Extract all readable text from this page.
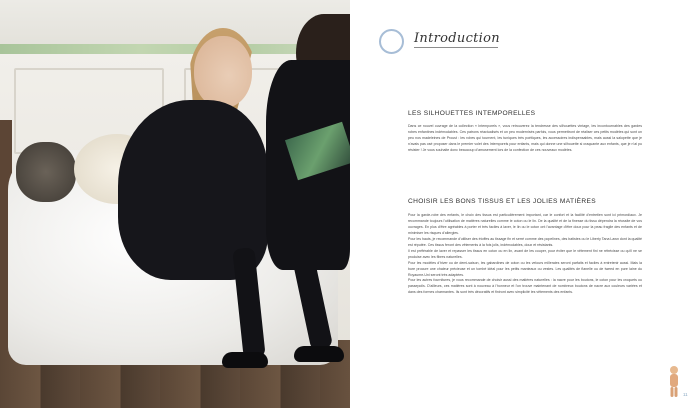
Introduction
LES SILHOUETTES INTEMPORELLES

Dans ce nouvel ouvrage de la collection « Intemporels », vous retrouverez la tendresse des silhouettes vintage, les incontournables des gardes robes enfantines indémodables. Ces patrons réactualisés et un peu modernisés parfois, vous permettront de réaliser ces petits modèles qui sont un peu nos madeleines de Proust : les robes qui tournent, les tuniques très poétiques, les accessoires indispensables, mais aussi la salopette que je n'avais pas osé proposer dans le premier volet des Intemporels pour enfants, mais qui donne une silhouette si craquante aux enfants, que je n'ai pu résister ! Je vous souhaite donc beaucoup d'amusement lors de la confection de ces nouveaux modèles.

CHOISIR LES BONS TISSUS ET LES JOLIES MATIÈRES

Pour la garde-robe des enfants, le choix des tissus est particulièrement important, car le confort et la facilité d'entretien sont ici primordiaux. Je recommande toujours l'utilisation de matières naturelles comme le coton ou le lin. De la qualité et de la finesse du tissu dépendra la réussite de vos ouvrages. En plus d'être agréables à porter et très faciles à laver, le lin ou le coton ont l'avantage d'être doux pour la peau fragile des enfants et de minimiser les risques d'allergies.

Pour les hauts, je recommande d'utiliser des étoffes au tissage fin et serré comme des popelines, des batistes ou le Liberty Tana Lawn dont la qualité est réputée. Ces tissus feront des vêtements à la fois jolis, indémodables, doux et résistants.

Il est préférable de laver et repasser les tissus en coton ou en lin, avant de les couper, pour éviter que le vêtement fini ne rétrécisse ou qu'il ne se produise avec les fibres naturelles.

Pour les modèles d'hiver ou de demi-saison, les gabardines de coton ou les velours milleraies seront parfaits et faciles à entretenir aussi. Mais la bure procure une chaleur précieuse et un tombé idéal pour les petits manteaux ou vestes. Les qualités de flanelle ou de tweed en pure laine du Royaume-Uni seront très adaptées.

Pour les autres fournitures, je vous recommande de choisir aussi des matières naturelles : la nacre pour les boutons, le coton pour les croquets ou passepoils. D'ailleurs, ces matières sont à nouveau à l'honneur et l'on trouve maintenant de nombreux boutons de nacre aux couleurs variées et dans des formes charmantes. Ils sont très décoratifs et finiront avec simplicité les vêtements des enfants.

11
